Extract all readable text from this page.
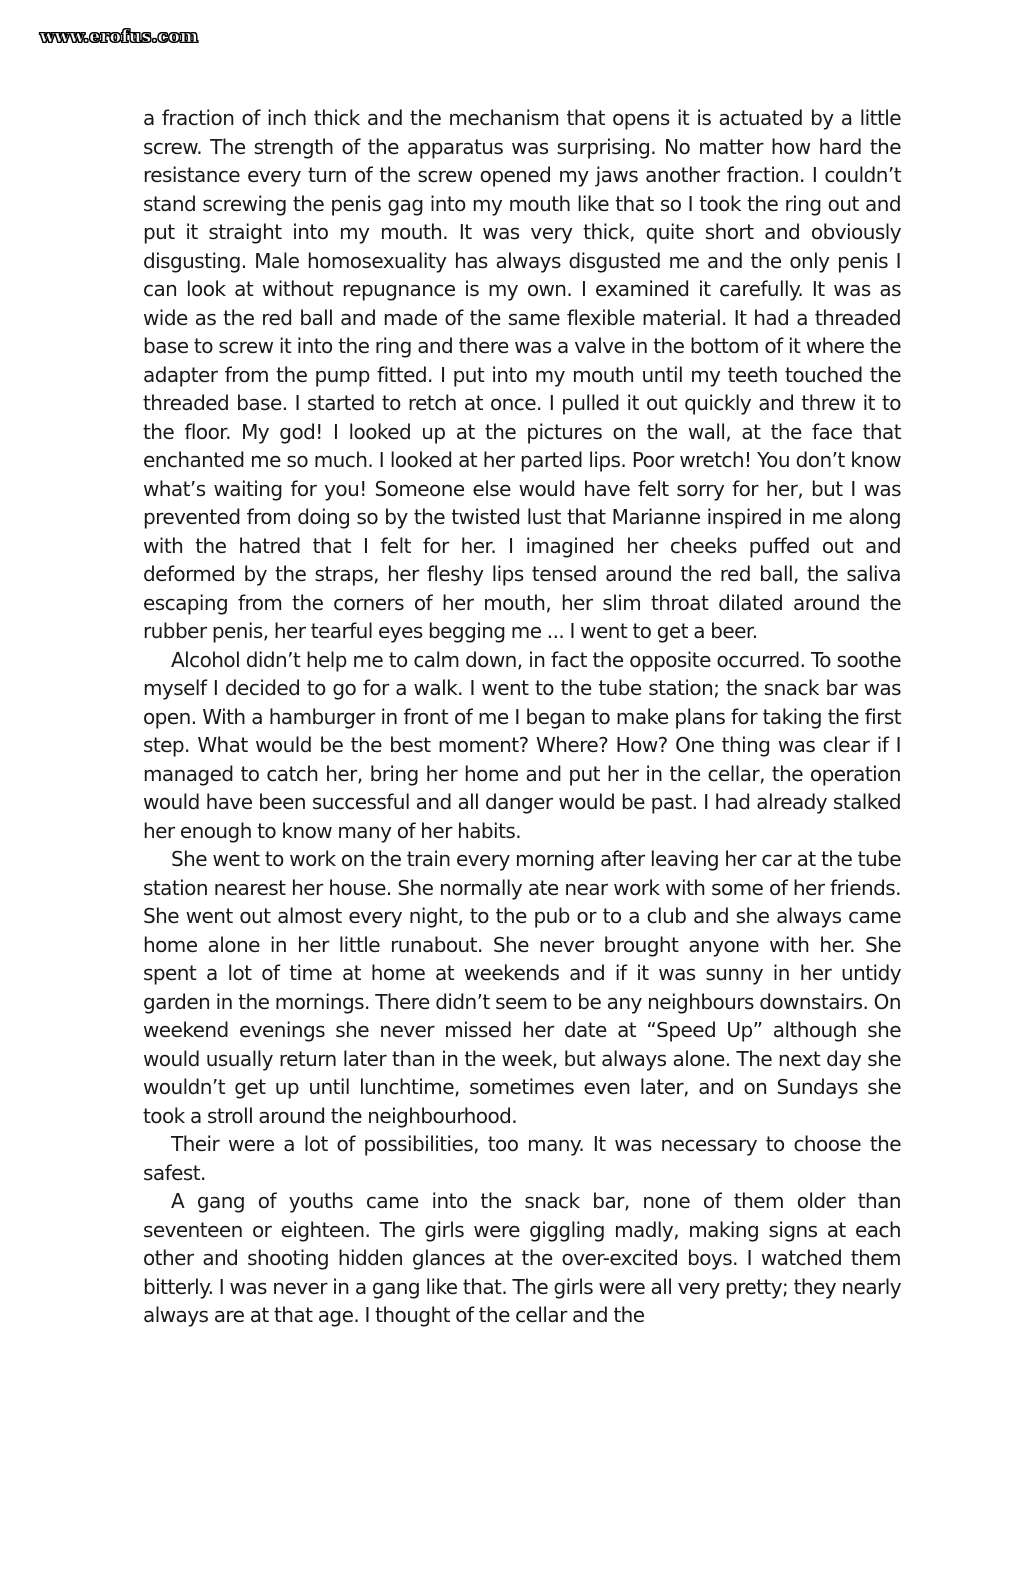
www.erofus.com

a fraction of inch thick and the mechanism that opens it is actuated by a little screw. The strength of the apparatus was surprising. No matter how hard the resistance every turn of the screw opened my jaws another fraction. I couldn’t stand screwing the penis gag into my mouth like that so I took the ring out and put it straight into my mouth. It was very thick, quite short and obviously disgusting. Male homosexuality has always disgusted me and the only penis I can look at without repugnance is my own. I examined it carefully. It was as wide as the red ball and made of the same flexible material. It had a threaded base to screw it into the ring and there was a valve in the bottom of it where the adapter from the pump fitted. I put into my mouth until my teeth touched the threaded base. I started to retch at once. I pulled it out quickly and threw it to the floor. My god! I looked up at the pictures on the wall, at the face that enchanted me so much. I looked at her parted lips. Poor wretch! You don’t know what’s waiting for you! Someone else would have felt sorry for her, but I was prevented from doing so by the twisted lust that Marianne inspired in me along with the hatred that I felt for her. I imagined her cheeks puffed out and deformed by the straps, her fleshy lips tensed around the red ball, the saliva escaping from the corners of her mouth, her slim throat dilated around the rubber penis, her tearful eyes begging me ... I went to get a beer.

Alcohol didn’t help me to calm down, in fact the opposite occurred. To soothe myself I decided to go for a walk. I went to the tube station; the snack bar was open. With a hamburger in front of me I began to make plans for taking the first step. What would be the best moment? Where? How? One thing was clear if I managed to catch her, bring her home and put her in the cellar, the operation would have been successful and all danger would be past. I had already stalked her enough to know many of her habits.

She went to work on the train every morning after leaving her car at the tube station nearest her house. She normally ate near work with some of her friends. She went out almost every night, to the pub or to a club and she always came home alone in her little runabout. She never brought anyone with her. She spent a lot of time at home at weekends and if it was sunny in her untidy garden in the mornings. There didn’t seem to be any neighbours downstairs. On weekend evenings she never missed her date at “Speed Up” although she would usually return later than in the week, but always alone. The next day she wouldn’t get up until lunchtime, sometimes even later, and on Sundays she took a stroll around the neighbourhood.

Their were a lot of possibilities, too many. It was necessary to choose the safest.

A gang of youths came into the snack bar, none of them older than seventeen or eighteen. The girls were giggling madly, making signs at each other and shooting hidden glances at the over-excited boys. I watched them bitterly. I was never in a gang like that. The girls were all very pretty; they nearly always are at that age. I thought of the cellar and the
